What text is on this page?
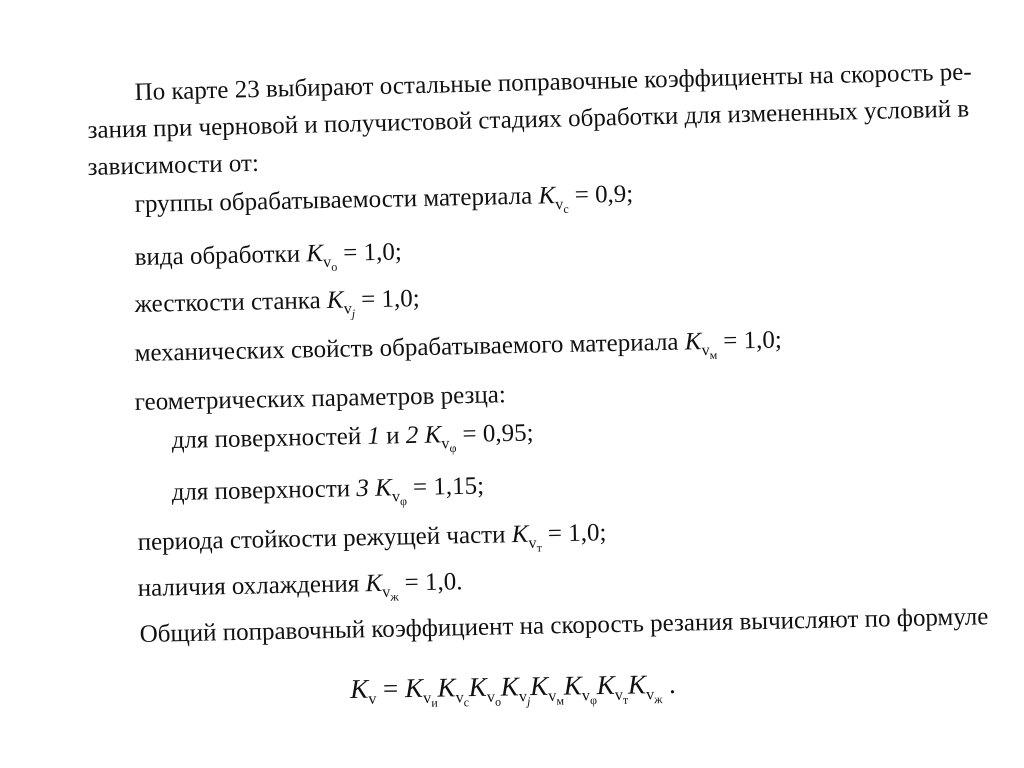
По карте 23 выбирают остальные поправочные коэффициенты на скорость ре-
зания при черновой и получистовой стадиях обработки для измененных условий в
зависимости от:
группы обрабатываемости материала $K_{v_c} = 0,9$;
вида обработки $K_{v_o} = 1,0$;
жесткости станка $K_{v_j} = 1,0$;
механических свойств обрабатываемого материала $K_{v_м} = 1,0$;
геометрических параметров резца:
для поверхностей 1 и 2 $K_{v_\varphi} = 0,95$;
для поверхности 3 $K_{v_\varphi} = 1,15$;
периода стойкости режущей части $K_{v_т} = 1,0$;
наличия охлаждения $K_{v_ж} = 1,0$.
Общий поправочный коэффициент на скорость резания вычисляют по формуле
$K_v = K_{v_и}K_{v_c}K_{v_o}K_{v_j}K_{v_м}K_{v_\varphi}K_{v_т}K_{v_ж}$ .
